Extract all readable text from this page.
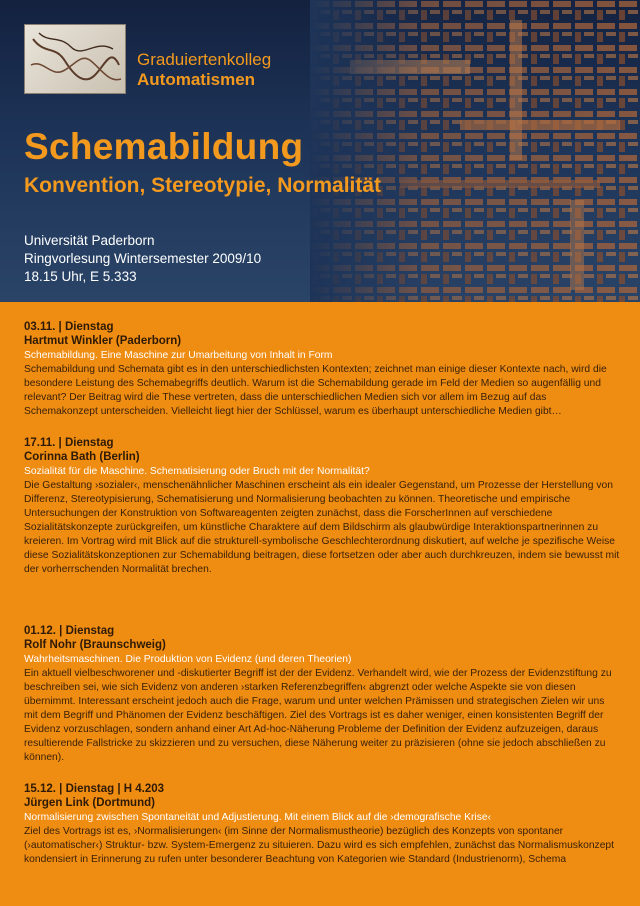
Graduiertenkolleg
Automatismen
Schemabildung
Konvention, Stereotypie, Normalität
Universität Paderborn
Ringvorlesung Wintersemester 2009/10
18.15 Uhr, E 5.333
03.11. | Dienstag
Hartmut Winkler (Paderborn)
Schemabildung. Eine Maschine zur Umarbeitung von Inhalt in Form
Schemabildung und Schemata gibt es in den unterschiedlichsten Kontexten; zeichnet man einige dieser Kontexte nach, wird die besondere Leistung des Schemabegriffs deutlich. Warum ist die Schemabildung gerade im Feld der Medien so augenfällig und relevant? Der Beitrag wird die These vertreten, dass die unterschiedlichen Medien sich vor allem im Bezug auf das Schemakonzept unterscheiden. Vielleicht liegt hier der Schlüssel, warum es überhaupt unterschiedliche Medien gibt…
17.11. | Dienstag
Corinna Bath (Berlin)
Sozialität für die Maschine. Schematisierung oder Bruch mit der Normalität?
Die Gestaltung ›sozialer‹, menschenähnlicher Maschinen erscheint als ein idealer Gegenstand, um Prozesse der Herstellung von Differenz, Stereotypisierung, Schematisierung und Normalisierung beobachten zu können. Theoretische und empirische Untersuchungen der Konstruktion von Softwareagenten zeigten zunächst, dass die ForscherInnen auf verschiedene Sozialitätskonzepte zurückgreifen, um künstliche Charaktere auf dem Bildschirm als glaubwürdige Interaktionspartnerinnen zu kreieren. Im Vortrag wird mit Blick auf die strukturell-symbolische Geschlechterordnung diskutiert, auf welche je spezifische Weise diese Sozialitätskonzeptionen zur Schemabildung beitragen, diese fortsetzen oder aber auch durchkreuzen, indem sie bewusst mit der vorherrschenden Normalität brechen.
01.12. | Dienstag
Rolf Nohr (Braunschweig)
Wahrheitsmaschinen. Die Produktion von Evidenz (und deren Theorien)
Ein aktuell vielbeschworener und -diskutierter Begriff ist der der Evidenz. Verhandelt wird, wie der Prozess der Evidenzstiftung zu beschreiben sei, wie sich Evidenz von anderen ›starken Referenzbegriffen‹ abgrenzt oder welche Aspekte sie von diesen übernimmt. Interessant erscheint jedoch auch die Frage, warum und unter welchen Prämissen und strategischen Zielen wir uns mit dem Begriff und Phänomen der Evidenz beschäftigen. Ziel des Vortrags ist es daher weniger, einen konsistenten Begriff der Evidenz vorzuschlagen, sondern anhand einer Art Ad-hoc-Näherung Probleme der Definition der Evidenz aufzuzeigen, daraus resultierende Fallstricke zu skizzieren und zu versuchen, diese Näherung weiter zu präzisieren (ohne sie jedoch abschließen zu können).
15.12. | Dienstag | H 4.203
Jürgen Link (Dortmund)
Normalisierung zwischen Spontaneität und Adjustierung. Mit einem Blick auf die ›demografische Krise‹
Ziel des Vortrags ist es, ›Normalisierungen‹ (im Sinne der Normalismustheorie) bezüglich des Konzepts von spontaner (›automatischer‹) Struktur- bzw. System-Emergenz zu situieren. Dazu wird es sich empfehlen, zunächst das Normalismuskonzept kondensiert in Erinnerung zu rufen unter besonderer Beachtung von Kategorien wie Standard (Industrienorm), Schema
